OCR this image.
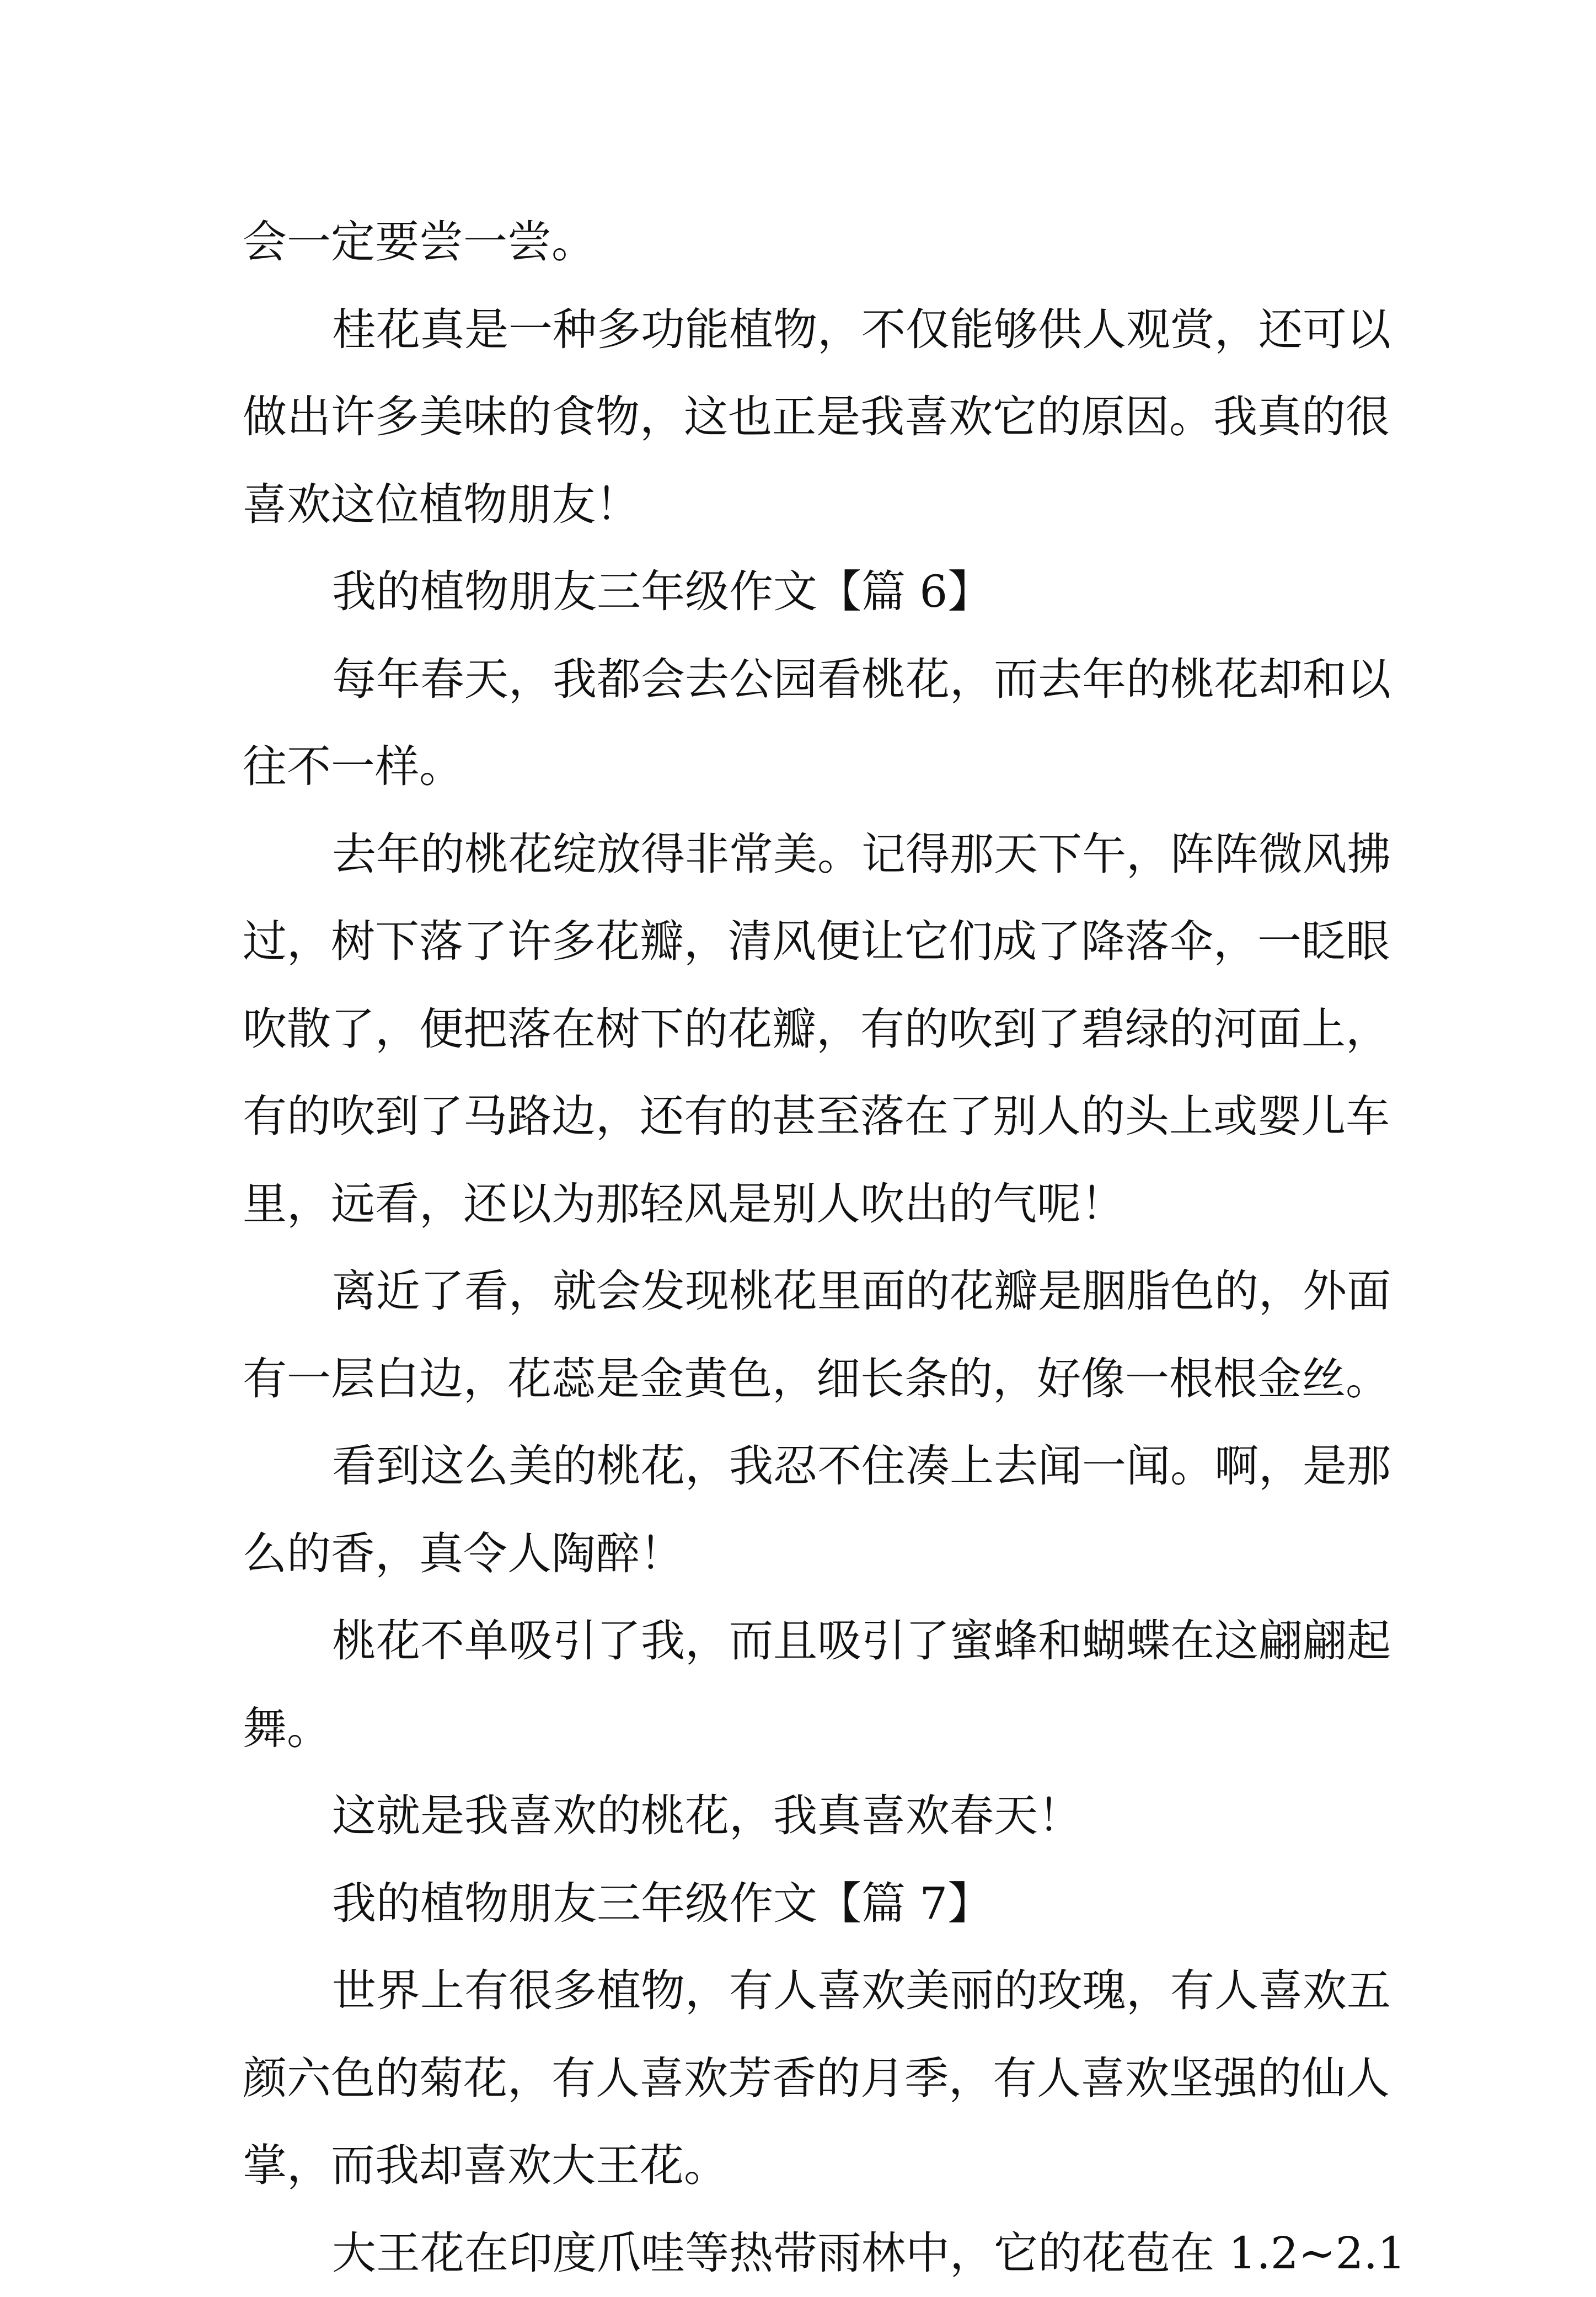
会一定要尝一尝。
桂花真是一种多功能植物，不仅能够供人观赏，还可以
做出许多美味的食物，这也正是我喜欢它的原因。我真的很
喜欢这位植物朋友！
我的植物朋友三年级作文【篇 6】
每年春天，我都会去公园看桃花，而去年的桃花却和以
往不一样。
去年的桃花绽放得非常美。记得那天下午，阵阵微风拂
过，树下落了许多花瓣，清风便让它们成了降落伞，一眨眼
吹散了，便把落在树下的花瓣，有的吹到了碧绿的河面上，
有的吹到了马路边，还有的甚至落在了别人的头上或婴儿车
里，远看，还以为那轻风是别人吹出的气呢！
离近了看，就会发现桃花里面的花瓣是胭脂色的，外面
有一层白边，花蕊是金黄色，细长条的，好像一根根金丝。
看到这么美的桃花，我忍不住凑上去闻一闻。啊，是那
么的香，真令人陶醉！
桃花不单吸引了我，而且吸引了蜜蜂和蝴蝶在这翩翩起
舞。
这就是我喜欢的桃花，我真喜欢春天！
我的植物朋友三年级作文【篇 7】
世界上有很多植物，有人喜欢美丽的玫瑰，有人喜欢五
颜六色的菊花，有人喜欢芳香的月季，有人喜欢坚强的仙人
掌，而我却喜欢大王花。
大王花在印度爪哇等热带雨林中，它的花苞在 1.2~2.1
